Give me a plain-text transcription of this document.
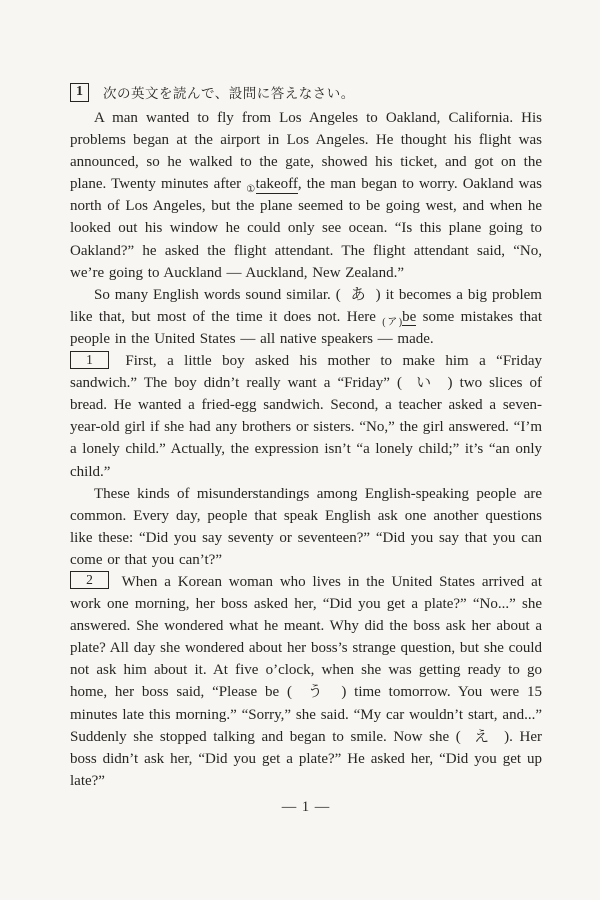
1	次の英文を読んで、設問に答えなさい。

A man wanted to fly from Los Angeles to Oakland, California. His problems began at the airport in Los Angeles. He thought his flight was announced, so he walked to the gate, showed his ticket, and got on the plane. Twenty minutes after $_①$takeoff, the man began to worry. Oakland was north of Los Angeles, but the plane seemed to be going west, and when he looked out his window he could only see ocean. “Is this plane going to Oakland?” he asked the flight attendant. The flight attendant said, “No, we’re going to Auckland — Auckland, New Zealand.”

So many English words sound similar. (  あ  ) it becomes a big problem like that, but most of the time it does not. Here $_{(ア)}$be some mistakes that people in the United States — all native speakers — made.

1 First, a little boy asked his mother to make him a “Friday sandwich.” The boy didn’t really want a “Friday” (  い  ) two slices of bread. He wanted a fried-egg sandwich. Second, a teacher asked a seven-year-old girl if she had any brothers or sisters. “No,” the girl answered. “I’m a lonely child.” Actually, the expression isn’t “a lonely child;” it’s “an only child.”

These kinds of misunderstandings among English-speaking people are common. Every day, people that speak English ask one another questions like these: “Did you say seventy or seventeen?” “Did you say that you can come or that you can’t?”

2 When a Korean woman who lives in the United States arrived at work one morning, her boss asked her, “Did you get a plate?” “No...” she answered. She wondered what he meant. Why did the boss ask her about a plate? All day she wondered about her boss’s strange question, but she could not ask him about it. At five o’clock, when she was getting ready to go home, her boss said, “Please be (  う  ) time tomorrow. You were 15 minutes late this morning.” “Sorry,” she said. “My car wouldn’t start, and...” Suddenly she stopped talking and began to smile. Now she (  え  ). Her boss didn’t ask her, “Did you get a plate?” He asked her, “Did you get up late?”

— 1 —
